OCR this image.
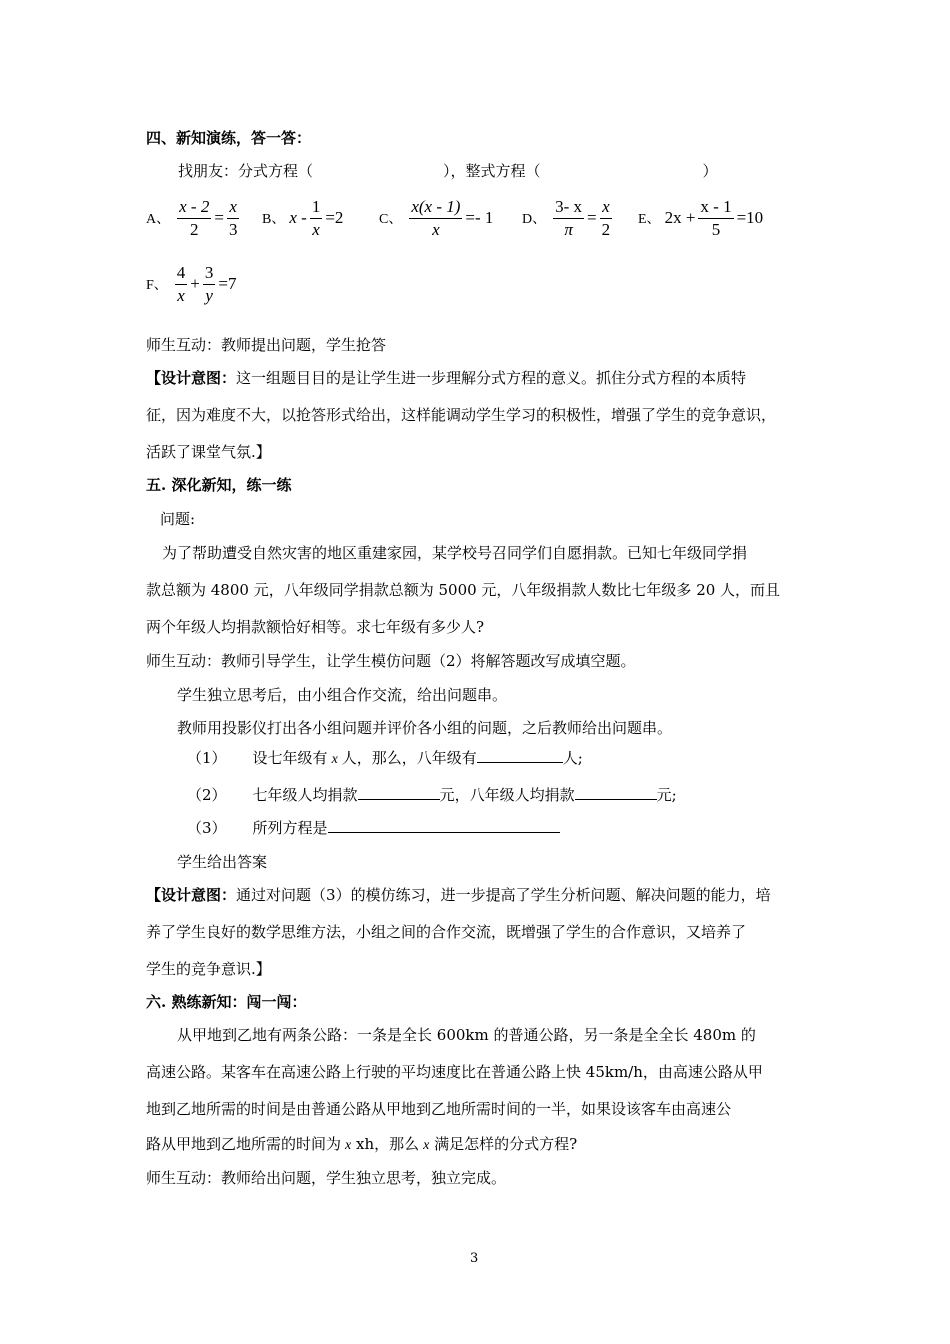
四、新知演练，答一答：
找朋友：分式方程（	），整式方程（	）
A、 $\frac{x - 2}{2} = \frac{x}{3}$ B、 $x - \frac{1}{x} =2$	C、 $\frac{x(x - 1)}{x} =- 1$ D、 $\frac{3- x}{\pi} = \frac{x}{2}$ E、 $2x + \frac{x - 1}{5} =10$
F、 $\frac{4}{x} + \frac{3}{y} =7$
师生互动：教师提出问题，学生抢答
【设计意图：这一组题目目的是让学生进一步理解分式方程的意义。抓住分式方程的本质特
征，因为难度不大，以抢答形式给出，这样能调动学生学习的积极性，增强了学生的竞争意识，
活跃了课堂气氛.】
五. 深化新知，练一练
问题:
为了帮助遭受自然灾害的地区重建家园，某学校号召同学们自愿捐款。已知七年级同学捐
款总额为 4800 元，八年级同学捐款总额为 5000 元，八年级捐款人数比七年级多 20 人，而且
两个年级人均捐款额恰好相等。求七年级有多少人?
师生互动：教师引导学生，让学生模仿问题（2）将解答题改写成填空题。
学生独立思考后，由小组合作交流，给出问题串。
教师用投影仪打出各小组问题并评价各小组的问题，之后教师给出问题串。
（1） 设七年级有 x 人，那么，八年级有	人;
（2） 七年级人均捐款	元，八年级人均捐款	元;
（3） 所列方程是
学生给出答案
【设计意图：通过对问题（3）的模仿练习，进一步提高了学生分析问题、解决问题的能力，培
养了学生良好的数学思维方法，小组之间的合作交流，既增强了学生的合作意识，又培养了
学生的竞争意识.】
六. 熟练新知：闯一闯：
从甲地到乙地有两条公路：一条是全长 600km 的普通公路，另一条是全全长 480m 的
高速公路。某客车在高速公路上行驶的平均速度比在普通公路上快 45km/h，由高速公路从甲
地到乙地所需的时间是由普通公路从甲地到乙地所需时间的一半，如果设该客车由高速公
路从甲地到乙地所需的时间为 x xh，那么 x 满足怎样的分式方程?
师生互动：教师给出问题，学生独立思考，独立完成。
3
